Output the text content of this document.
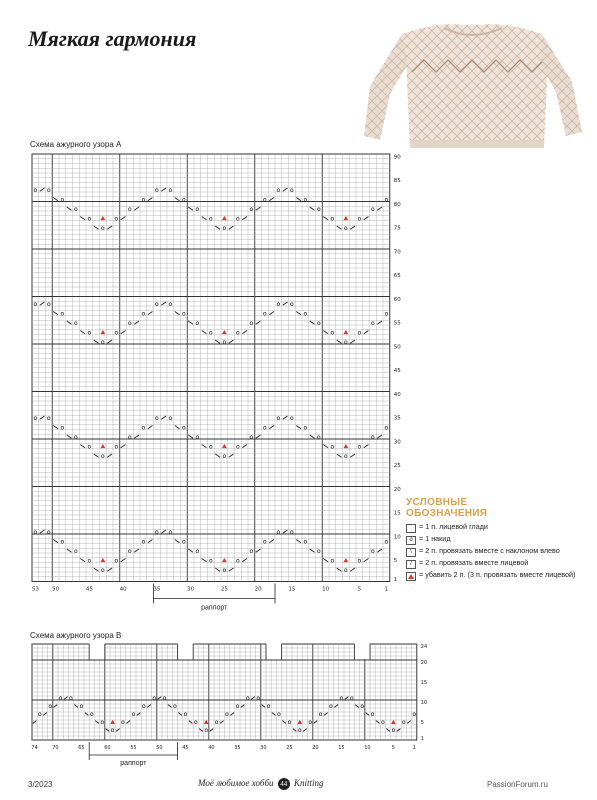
Мягкая гармония
Схема ажурного узора А
o
o
o
o
o
o
o
o
o
o
o
o
o
o
o
o
o
o
o
o
o
o
o
o
o
o
o
o
o
o
o
o
o
o
o
o
o
o
o
o
o
o
o
o
o
o
o
o
o
o
o
o
o
o
o
o
o
o
o
o
o
o
o
o
o
o
o
o
o
o
o
o
o
o
o
o
o
o
o
o
o
o
o
o
o
o
o
o
o
o
o
o
o
o
o
o
o
o
o
o
o
o
o
o
o
o
o
o
1
5
10
15
20
25
30
35
40
45
50
55
60
65
70
75
80
85
90
53 50	45	40	35	30	25	20	15	10	5	1
раппорт
Схема ажурного узора В
o
o
o
o
o
o
o
o
o
o
o
o
o
o
o
o
o
o
o
o
o
o
o
o
o
o
o
o
o
o
o
o
o
o
o
o
o
1
5
10
15
20
24
74	70	65	60	55	50	45	40	35	30	25	20	15	10	5	1
раппорт
УСЛОВНЫЕ
ОБОЗНАЧЕНИЯ
= 1 п. лицевой глади
o = 1 накид
\ = 2 п. провязать вместе с наклоном влево
/ = 2 п. провязать вместе лицевой
= убавить 2 п. (3 п. провязать вместе лицевой)
3/2023	Моё любимое хобби 44 Knitting	PassionForum.ru
